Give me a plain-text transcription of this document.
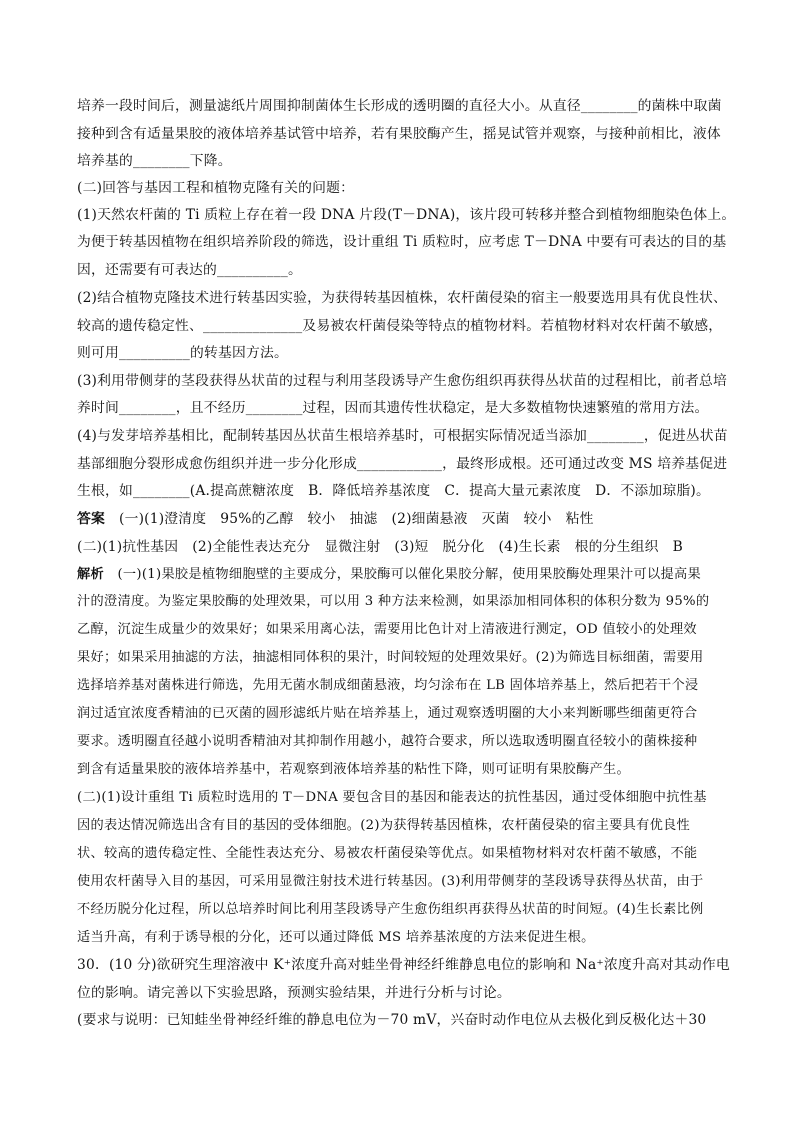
培养一段时间后，测量滤纸片周围抑制菌体生长形成的透明圈的直径大小。从直径________的菌株中取菌
接种到含有适量果胶的液体培养基试管中培养，若有果胶酶产生，摇晃试管并观察，与接种前相比，液体
培养基的________下降。
(二)回答与基因工程和植物克隆有关的问题：
(1)天然农杆菌的 Ti 质粒上存在着一段 DNA 片段(T－DNA)，该片段可转移并整合到植物细胞染色体上。
为便于转基因植物在组织培养阶段的筛选，设计重组 Ti 质粒时，应考虑 T－DNA 中要有可表达的目的基
因，还需要有可表达的__________。
(2)结合植物克隆技术进行转基因实验，为获得转基因植株，农杆菌侵染的宿主一般要选用具有优良性状、
较高的遗传稳定性、______________及易被农杆菌侵染等特点的植物材料。若植物材料对农杆菌不敏感，
则可用__________的转基因方法。
(3)利用带侧芽的茎段获得丛状苗的过程与利用茎段诱导产生愈伤组织再获得丛状苗的过程相比，前者总培
养时间________，且不经历________过程，因而其遗传性状稳定，是大多数植物快速繁殖的常用方法。
(4)与发芽培养基相比，配制转基因丛状苗生根培养基时，可根据实际情况适当添加________，促进丛状苗
基部细胞分裂形成愈伤组织并进一步分化形成____________，最终形成根。还可通过改变 MS 培养基促进
生根，如________(A.提高蔗糖浓度　B．降低培养基浓度　C．提高大量元素浓度　D．不添加琼脂)。
答案　 (一)(1)澄清度　95%的乙醇　较小　抽滤　(2)细菌悬液　灭菌　较小　粘性
(二)(1)抗性基因　(2)全能性表达充分　显微注射　(3)短　脱分化　(4)生长素　根的分生组织　B
解析　 (一)(1)果胶是植物细胞壁的主要成分，果胶酶可以催化果胶分解，使用果胶酶处理果汁可以提高果
汁的澄清度。为鉴定果胶酶的处理效果，可以用 3 种方法来检测，如果添加相同体积的体积分数为 95%的
乙醇，沉淀生成量少的效果好；如果采用离心法，需要用比色计对上清液进行测定，OD 值较小的处理效
果好；如果采用抽滤的方法，抽滤相同体积的果汁，时间较短的处理效果好。(2)为筛选目标细菌，需要用
选择培养基对菌株进行筛选，先用无菌水制成细菌悬液，均匀涂布在 LB 固体培养基上，然后把若干个浸
润过适宜浓度香精油的已灭菌的圆形滤纸片贴在培养基上，通过观察透明圈的大小来判断哪些细菌更符合
要求。透明圈直径越小说明香精油对其抑制作用越小，越符合要求，所以选取透明圈直径较小的菌株接种
到含有适量果胶的液体培养基中，若观察到液体培养基的粘性下降，则可证明有果胶酶产生。
(二)(1)设计重组 Ti 质粒时选用的 T－DNA 要包含目的基因和能表达的抗性基因，通过受体细胞中抗性基
因的表达情况筛选出含有目的基因的受体细胞。(2)为获得转基因植株，农杆菌侵染的宿主要具有优良性
状、较高的遗传稳定性、全能性表达充分、易被农杆菌侵染等优点。如果植物材料对农杆菌不敏感，不能
使用农杆菌导入目的基因，可采用显微注射技术进行转基因。(3)利用带侧芽的茎段诱导获得丛状苗，由于
不经历脱分化过程，所以总培养时间比利用茎段诱导产生愈伤组织再获得丛状苗的时间短。(4)生长素比例
适当升高，有利于诱导根的分化，还可以通过降低 MS 培养基浓度的方法来促进生根。
30．(10 分)欲研究生理溶液中 K⁺浓度升高对蛙坐骨神经纤维静息电位的影响和 Na⁺浓度升高对其动作电
位的影响。请完善以下实验思路，预测实验结果，并进行分析与讨论。
(要求与说明：已知蛙坐骨神经纤维的静息电位为－70 mV，兴奋时动作电位从去极化到反极化达＋30
